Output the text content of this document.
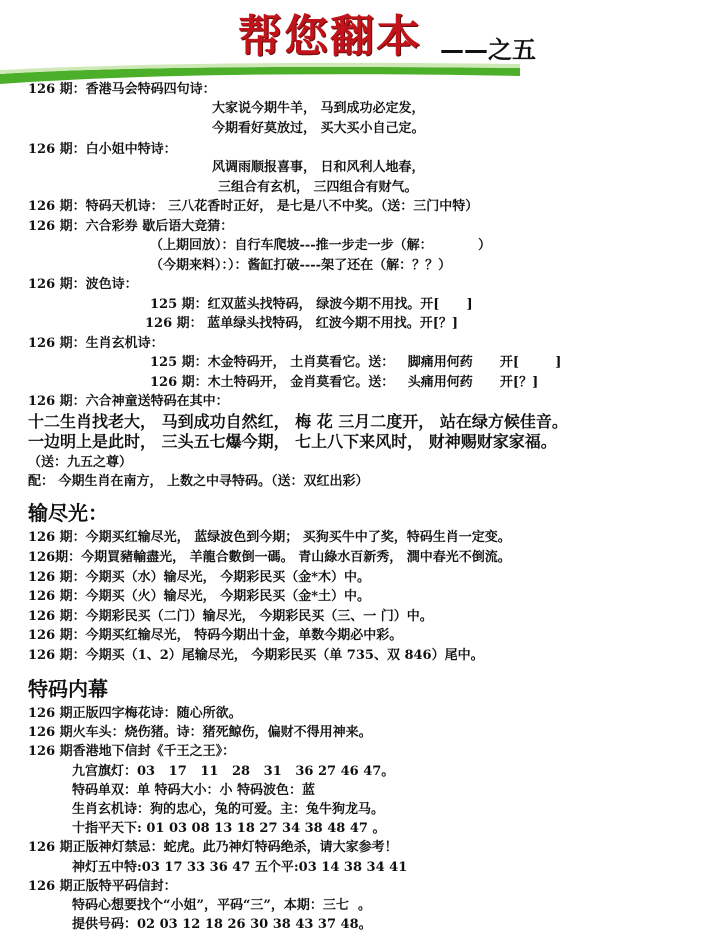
帮您翻本 ——之五
126 期：香港马会特码四句诗：
大家说今期牛羊， 马到成功必定发，
今期看好莫放过， 买大买小自己定。
126 期：白小姐中特诗：
风调雨顺报喜事， 日和风利人地春，
三组合有玄机， 三四组合有财气。
126 期：特码天机诗： 三八花香时正好， 是七是八不中奖。（送：三门中特）
126 期：六合彩券 歇后语大竞猜：
（上期回放）：自行车爬坡---推一步走一步（解：          ）
（今期来料）：）：酱缸打破----架了还在（解：？？）
126 期：波色诗：
125 期：红双蓝头找特码， 绿波今期不用找。开[      ]
126 期： 蓝单绿头找特码， 红波今期不用找。开[？]
126 期：生肖玄机诗：
125 期：木金特码开， 土肖莫看它。送：   脚痛用何药      开[        ]
126 期：木土特码开， 金肖莫看它。送：   头痛用何药      开[？]
126 期：六合神童送特码在其中：
十二生肖找老大， 马到成功自然红， 梅 花 三月二度开， 站在绿方候佳音。
一边明上是此时， 三头五七爆今期， 七上八下来风时， 财神赐财家家福。
（送：九五之尊）
配： 今期生肖在南方， 上数之中寻特码。（送：双红出彩）
输尽光：
126 期：今期买红输尽光， 蓝绿波色到今期； 买狗买牛中了奖，特码生肖一定变。
126期：今期買豬輸盡光， 羊龍合數倒一碼。 青山綠水百新秀， 澗中春光不倒流。
126 期：今期买（水）输尽光， 今期彩民买（金*木）中。
126 期：今期买（火）输尽光， 今期彩民买（金*土）中。
126 期：今期彩民买（二门）输尽光， 今期彩民买（三、一 门）中。
126 期：今期买红输尽光， 特码今期出十金，单数今期必中彩。
126 期：今期买（1、2）尾输尽光， 今期彩民买（单 735、双 846）尾中。
特码内幕
126 期正版四字梅花诗：随心所欲。
126 期火车头：烧伤猪。诗：猪死鲸伤，偏财不得用神来。
126 期香港地下信封《千王之王》：
九宫旗灯：03   17   11   28   31   36 27 46 47。
特码单双：单 特码大小：小 特码波色：蓝
生肖玄机诗：狗的忠心，兔的可爱。主：兔牛狗龙马。
十指平天下: 01 03 08 13 18 27 34 38 48 47 。
126 期正版神灯禁忌：蛇虎。此乃神灯特码绝杀，请大家参考！
神灯五中特:03 17 33 36 47 五个平:03 14 38 34 41
126 期正版特平码信封：
特码心想要找个“小姐”，平码“三”，本期：三七  。
提供号码：02 03 12 18 26 30 38 43 37 48。
